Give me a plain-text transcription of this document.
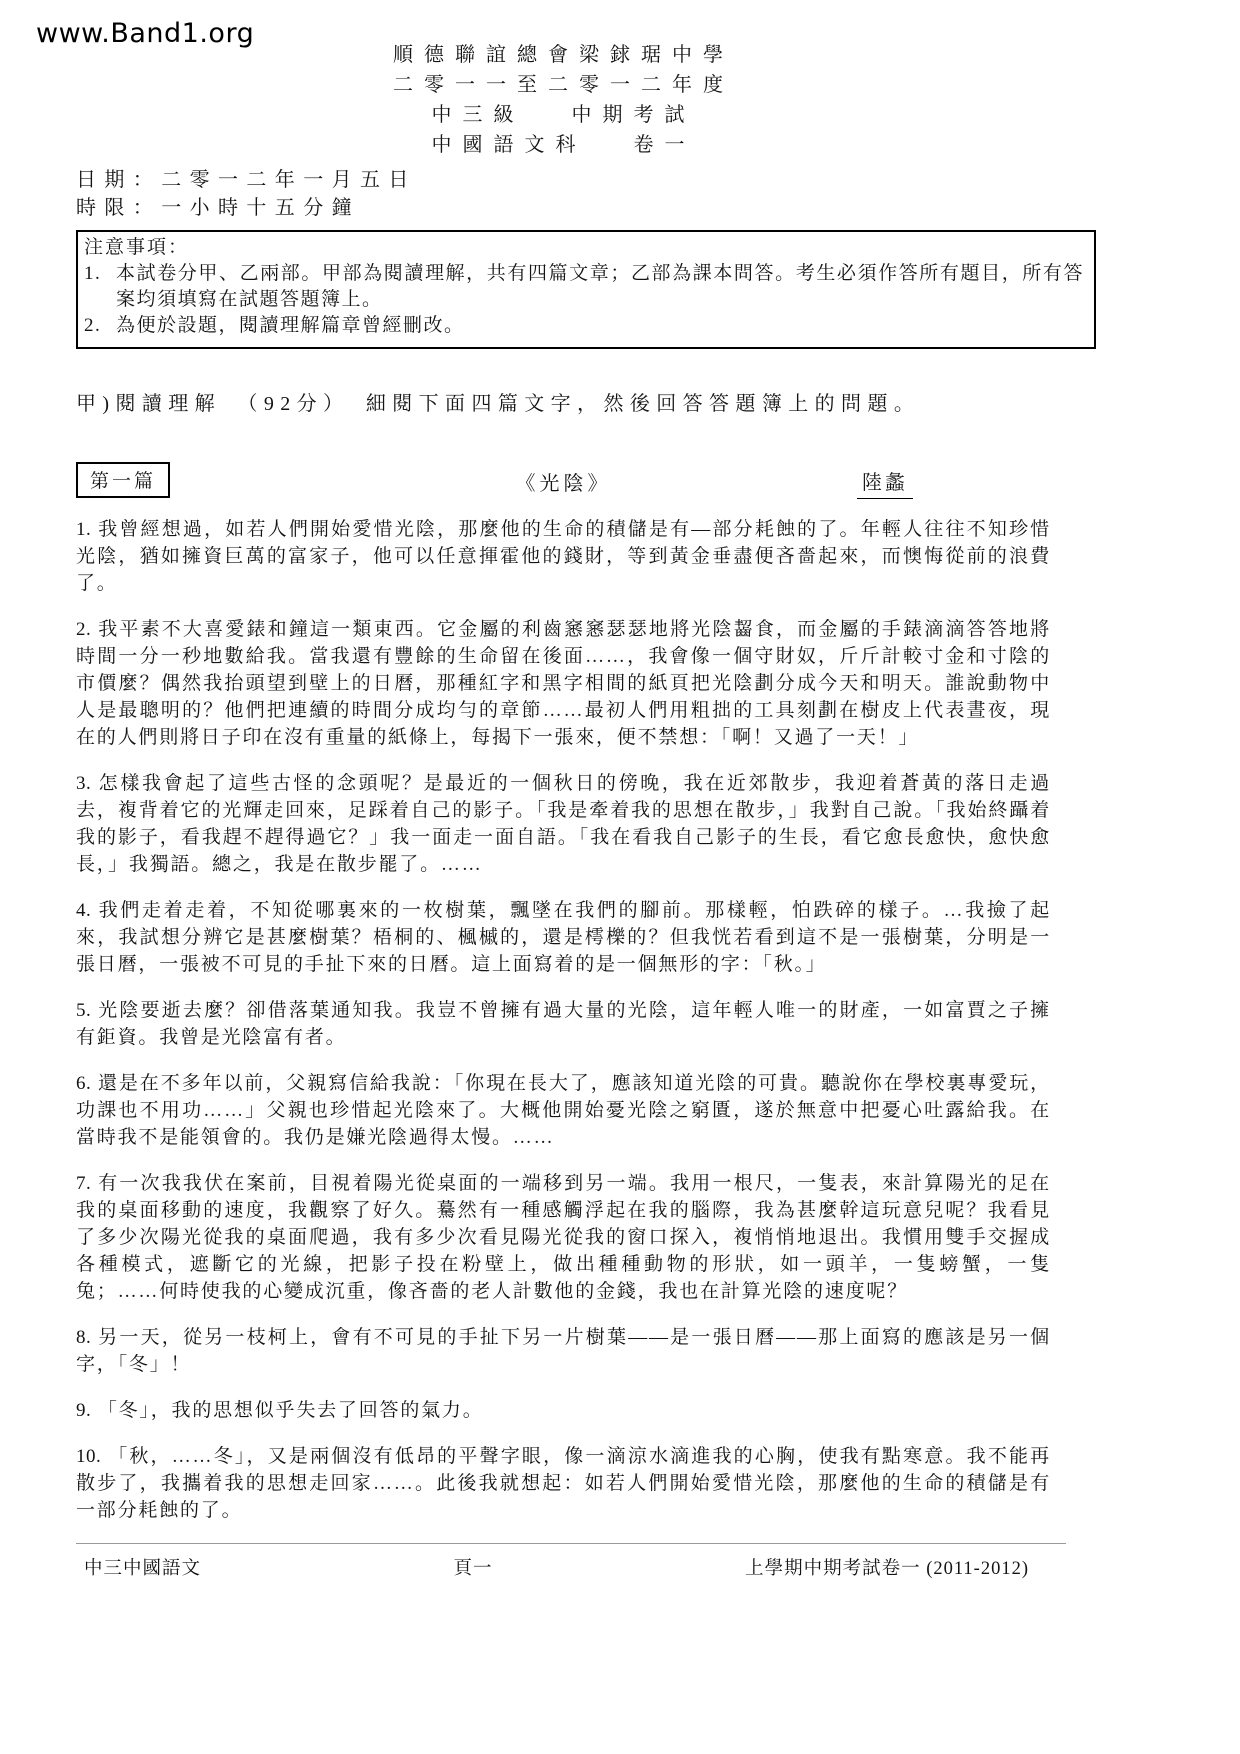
www.Band1.org
順德聯誼總會梁銶琚中學
二零一一至二零一二年度
中三級　 中期考試
中國語文科　 卷一
日期：二零一二年一月五日
時限：一小時十五分鐘
注意事項：
1. 本試卷分甲、乙兩部。甲部為閱讀理解，共有四篇文章；乙部為課本問答。考生必須作答所有題目，所有答案均須填寫在試題答題簿上。
2. 為便於設題，閱讀理解篇章曾經刪改。
甲)閱讀理解　（92分）　細閱下面四篇文字，然後回答答題簿上的問題。
第一篇	《光陰》	陸蠡

1. 我曾經想過，如若人們開始愛惜光陰，那麼他的生命的積儲是有—部分耗蝕的了。年輕人往往不知珍惜光陰，猶如擁資巨萬的富家子，他可以任意揮霍他的錢財，等到黃金垂盡便吝嗇起來，而懊悔從前的浪費了。

2. 我平素不大喜愛錶和鐘這一類東西。它金屬的利齒窸窸瑟瑟地將光陰齧食，而金屬的手錶滴滴答答地將時間一分一秒地數給我。當我還有豐餘的生命留在後面……，我會像一個守財奴，斤斤計較寸金和寸陰的市價麼？偶然我抬頭望到壁上的日曆，那種紅字和黑字相間的紙頁把光陰劃分成今天和明天。誰說動物中人是最聰明的？他們把連續的時間分成均勻的章節……最初人們用粗拙的工具刻劃在樹皮上代表晝夜，現在的人們則將日子印在沒有重量的紙條上，每揭下一張來，便不禁想：「啊！又過了一天！」

3. 怎樣我會起了這些古怪的念頭呢？是最近的一個秋日的傍晚，我在近郊散步，我迎着蒼黃的落日走過去，複背着它的光輝走回來，足踩着自己的影子。「我是牽着我的思想在散步，」我對自己說。「我始終躡着我的影子，看我趕不趕得過它？」我一面走一面自語。「我在看我自己影子的生長，看它愈長愈快，愈快愈長，」我獨語。總之，我是在散步罷了。……

4. 我們走着走着，不知從哪裏來的一枚樹葉，飄墜在我們的腳前。那樣輕，怕跌碎的樣子。…我撿了起來，我試想分辨它是甚麼樹葉？梧桐的、楓槭的，還是樗櫟的？但我恍若看到這不是一張樹葉，分明是一張日曆，一張被不可見的手扯下來的日曆。這上面寫着的是一個無形的字：「秋。」

5. 光陰要逝去麼？卻借落葉通知我。我豈不曾擁有過大量的光陰，這年輕人唯一的財產，一如富賈之子擁有鉅資。我曾是光陰富有者。

6. 還是在不多年以前，父親寫信給我說：「你現在長大了，應該知道光陰的可貴。聽說你在學校裏專愛玩，功課也不用功……」父親也珍惜起光陰來了。大概他開始憂光陰之窮匱，遂於無意中把憂心吐露給我。在當時我不是能領會的。我仍是嫌光陰過得太慢。……

7. 有一次我我伏在案前，目視着陽光從桌面的一端移到另一端。我用一根尺，一隻表，來計算陽光的足在我的桌面移動的速度，我觀察了好久。驀然有一種感觸浮起在我的腦際，我為甚麼幹這玩意兒呢？我看見了多少次陽光從我的桌面爬過，我有多少次看見陽光從我的窗口探入，複悄悄地退出。我慣用雙手交握成各種模式，遮斷它的光線，把影子投在粉壁上，做出種種動物的形狀，如一頭羊，一隻螃蟹，一隻兔；……何時使我的心變成沉重，像吝嗇的老人計數他的金錢，我也在計算光陰的速度呢？

8. 另一天，從另一枝柯上，會有不可見的手扯下另一片樹葉——是一張日曆——那上面寫的應該是另一個字，「冬」！

9. 「冬」，我的思想似乎失去了回答的氣力。

10. 「秋，……冬」，又是兩個沒有低昂的平聲字眼，像一滴涼水滴進我的心胸，使我有點寒意。我不能再散步了，我攜着我的思想走回家……。此後我就想起：如若人們開始愛惜光陰，那麼他的生命的積儲是有一部分耗蝕的了。

中三中國語文	頁一	上學期中期考試卷一 (2011-2012)
